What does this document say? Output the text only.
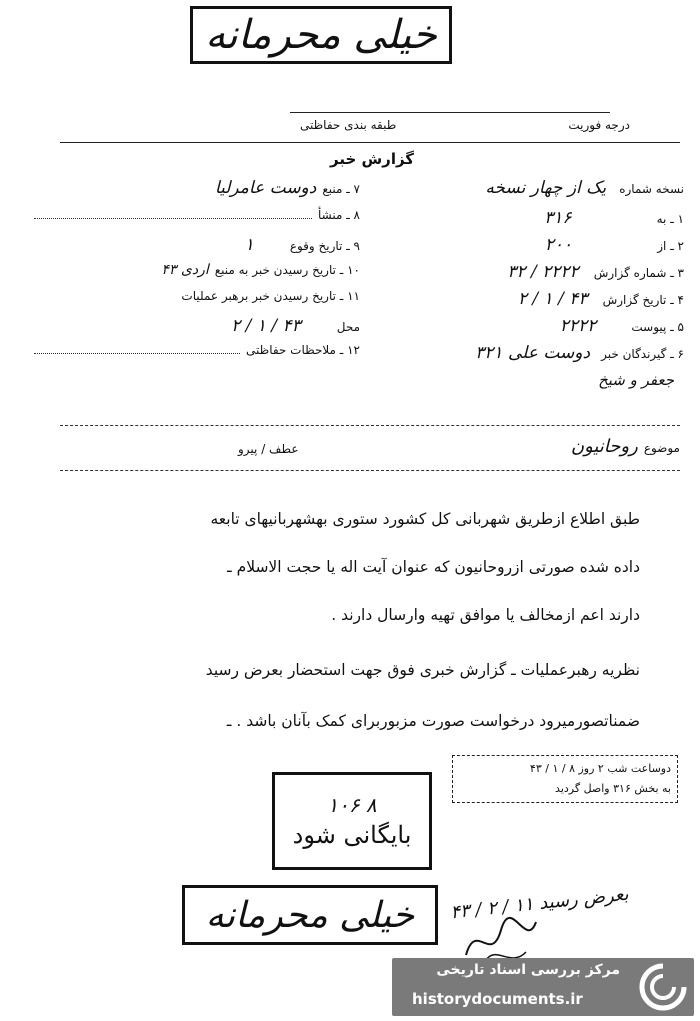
خیلی محرمانه
درجه فوریت
طبقه بندی حفاظتی
گزارش خبر
نسخه شماره یک از چهار نسخه
۱ ـ به ۳۱۶
۲ ـ از ۲۰۰
۳ ـ شماره گزارش ۲۲۲۲ / ۳۲
۴ ـ تاریخ گزارش ۴۳ / ۱ / ۲
۵ ـ پیوست ۲۲۲۲
۶ ـ گیرندگان خبر دوست علی ۳۲۱
جعفر و شیخ
۷ ـ منبع
دوست عامرلیا
۸ ـ منشأ
۹ ـ تاریخ وقوع
۱
۱۰ ـ تاریخ رسیدن خبر به منبع
اردی ۴۳
۱۱ ـ تاریخ رسیدن خبر برهبر عملیات
محل
۴۳ / ۱ / ۲
۱۲ ـ ملاحظات حفاظتی
موضوع
روحانیون
عطف / پیرو
طبق اطلاع ازطریق شهربانی کل کشورد ستوری بهشهربانیهای تابعه
داده شده صورتی ازروحانیون که عنوان آیت اله یا حجت الاسلام ـ
دارند اعم ازمخالف یا موافق تهیه وارسال دارند .
نظریه رهبرعملیات ـ گزارش خبری فوق جهت استحضار بعرض رسید
ضمناتصورمیرود درخواست صورت مزبوربرای کمک بآنان باشد . ـ
دوساعت شب ۲ روز ۸ / ۱ / ۴۳
به بخش ۳۱۶ واصل گردید
۱۰۶ ۸
بایگانی شود
خیلی محرمانه بعرض رسید ۱۱ / ۲ / ۴۳
مرکز بررسی اسناد تاریخی
historydocuments.ir
